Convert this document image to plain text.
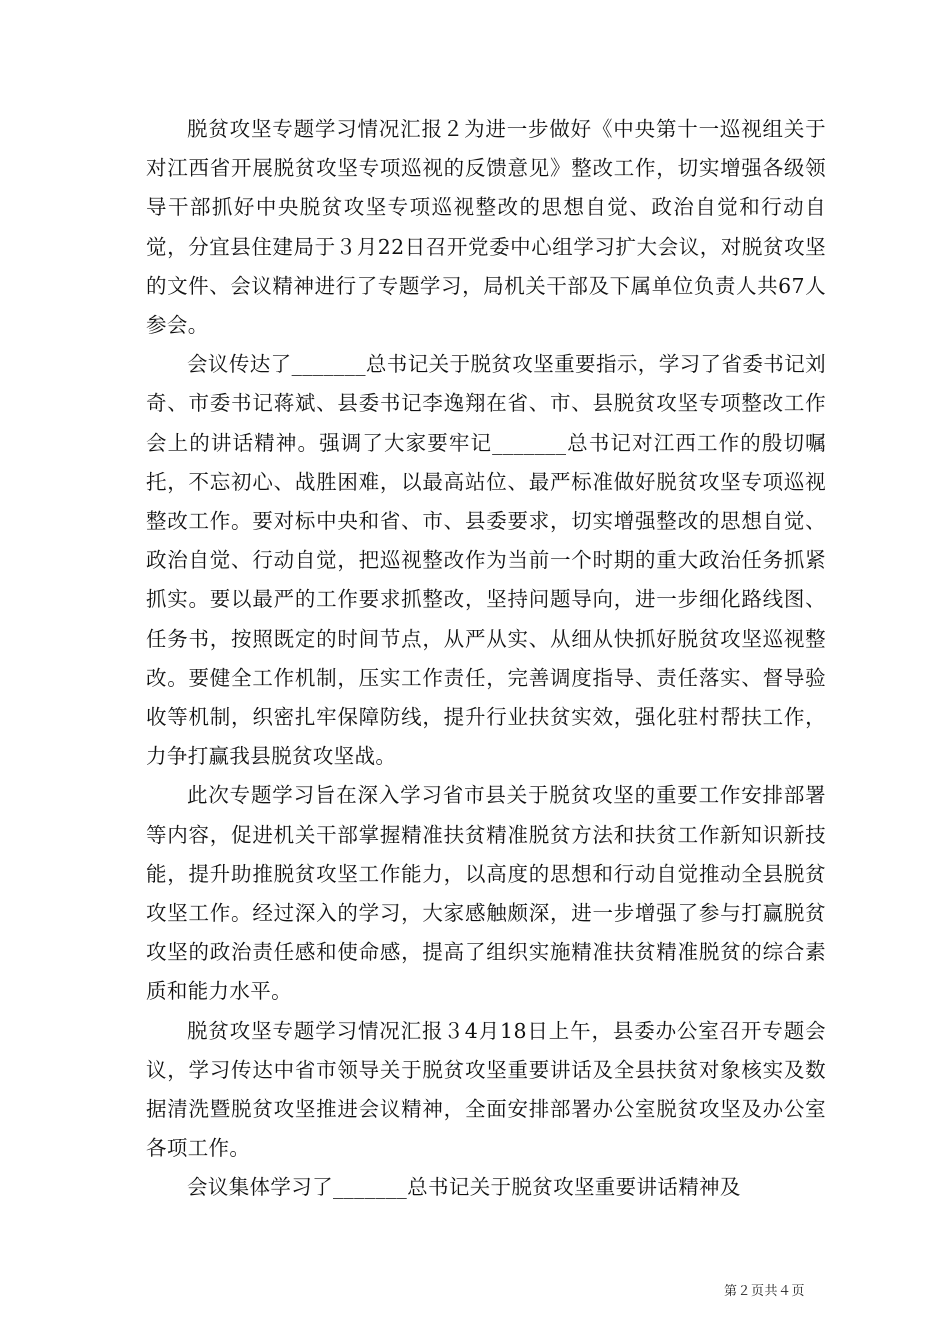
脱贫攻坚专题学习情况汇报２为进一步做好《中央第十一巡视组关于对江西省开展脱贫攻坚专项巡视的反馈意见》整改工作，切实增强各级领导干部抓好中央脱贫攻坚专项巡视整改的思想自觉、政治自觉和行动自觉，分宜县住建局于３月22日召开党委中心组学习扩大会议，对脱贫攻坚的文件、会议精神进行了专题学习，局机关干部及下属单位负责人共67人参会。

会议传达了_______总书记关于脱贫攻坚重要指示，学习了省委书记刘奇、市委书记蒋斌、县委书记李逸翔在省、市、县脱贫攻坚专项整改工作会上的讲话精神。强调了大家要牢记_______总书记对江西工作的殷切嘱托，不忘初心、战胜困难，以最高站位、最严标准做好脱贫攻坚专项巡视整改工作。要对标中央和省、市、县委要求，切实增强整改的思想自觉、政治自觉、行动自觉，把巡视整改作为当前一个时期的重大政治任务抓紧抓实。要以最严的工作要求抓整改，坚持问题导向，进一步细化路线图、任务书，按照既定的时间节点，从严从实、从细从快抓好脱贫攻坚巡视整改。要健全工作机制，压实工作责任，完善调度指导、责任落实、督导验收等机制，织密扎牢保障防线，提升行业扶贫实效，强化驻村帮扶工作，力争打赢我县脱贫攻坚战。

此次专题学习旨在深入学习省市县关于脱贫攻坚的重要工作安排部署等内容，促进机关干部掌握精准扶贫精准脱贫方法和扶贫工作新知识新技能，提升助推脱贫攻坚工作能力，以高度的思想和行动自觉推动全县脱贫攻坚工作。经过深入的学习，大家感触颇深，进一步增强了参与打赢脱贫攻坚的政治责任感和使命感，提高了组织实施精准扶贫精准脱贫的综合素质和能力水平。

脱贫攻坚专题学习情况汇报３4月18日上午，县委办公室召开专题会议，学习传达中省市领导关于脱贫攻坚重要讲话及全县扶贫对象核实及数据清洗暨脱贫攻坚推进会议精神，全面安排部署办公室脱贫攻坚及办公室各项工作。

会议集体学习了_______总书记关于脱贫攻坚重要讲话精神及

第２页共４页
